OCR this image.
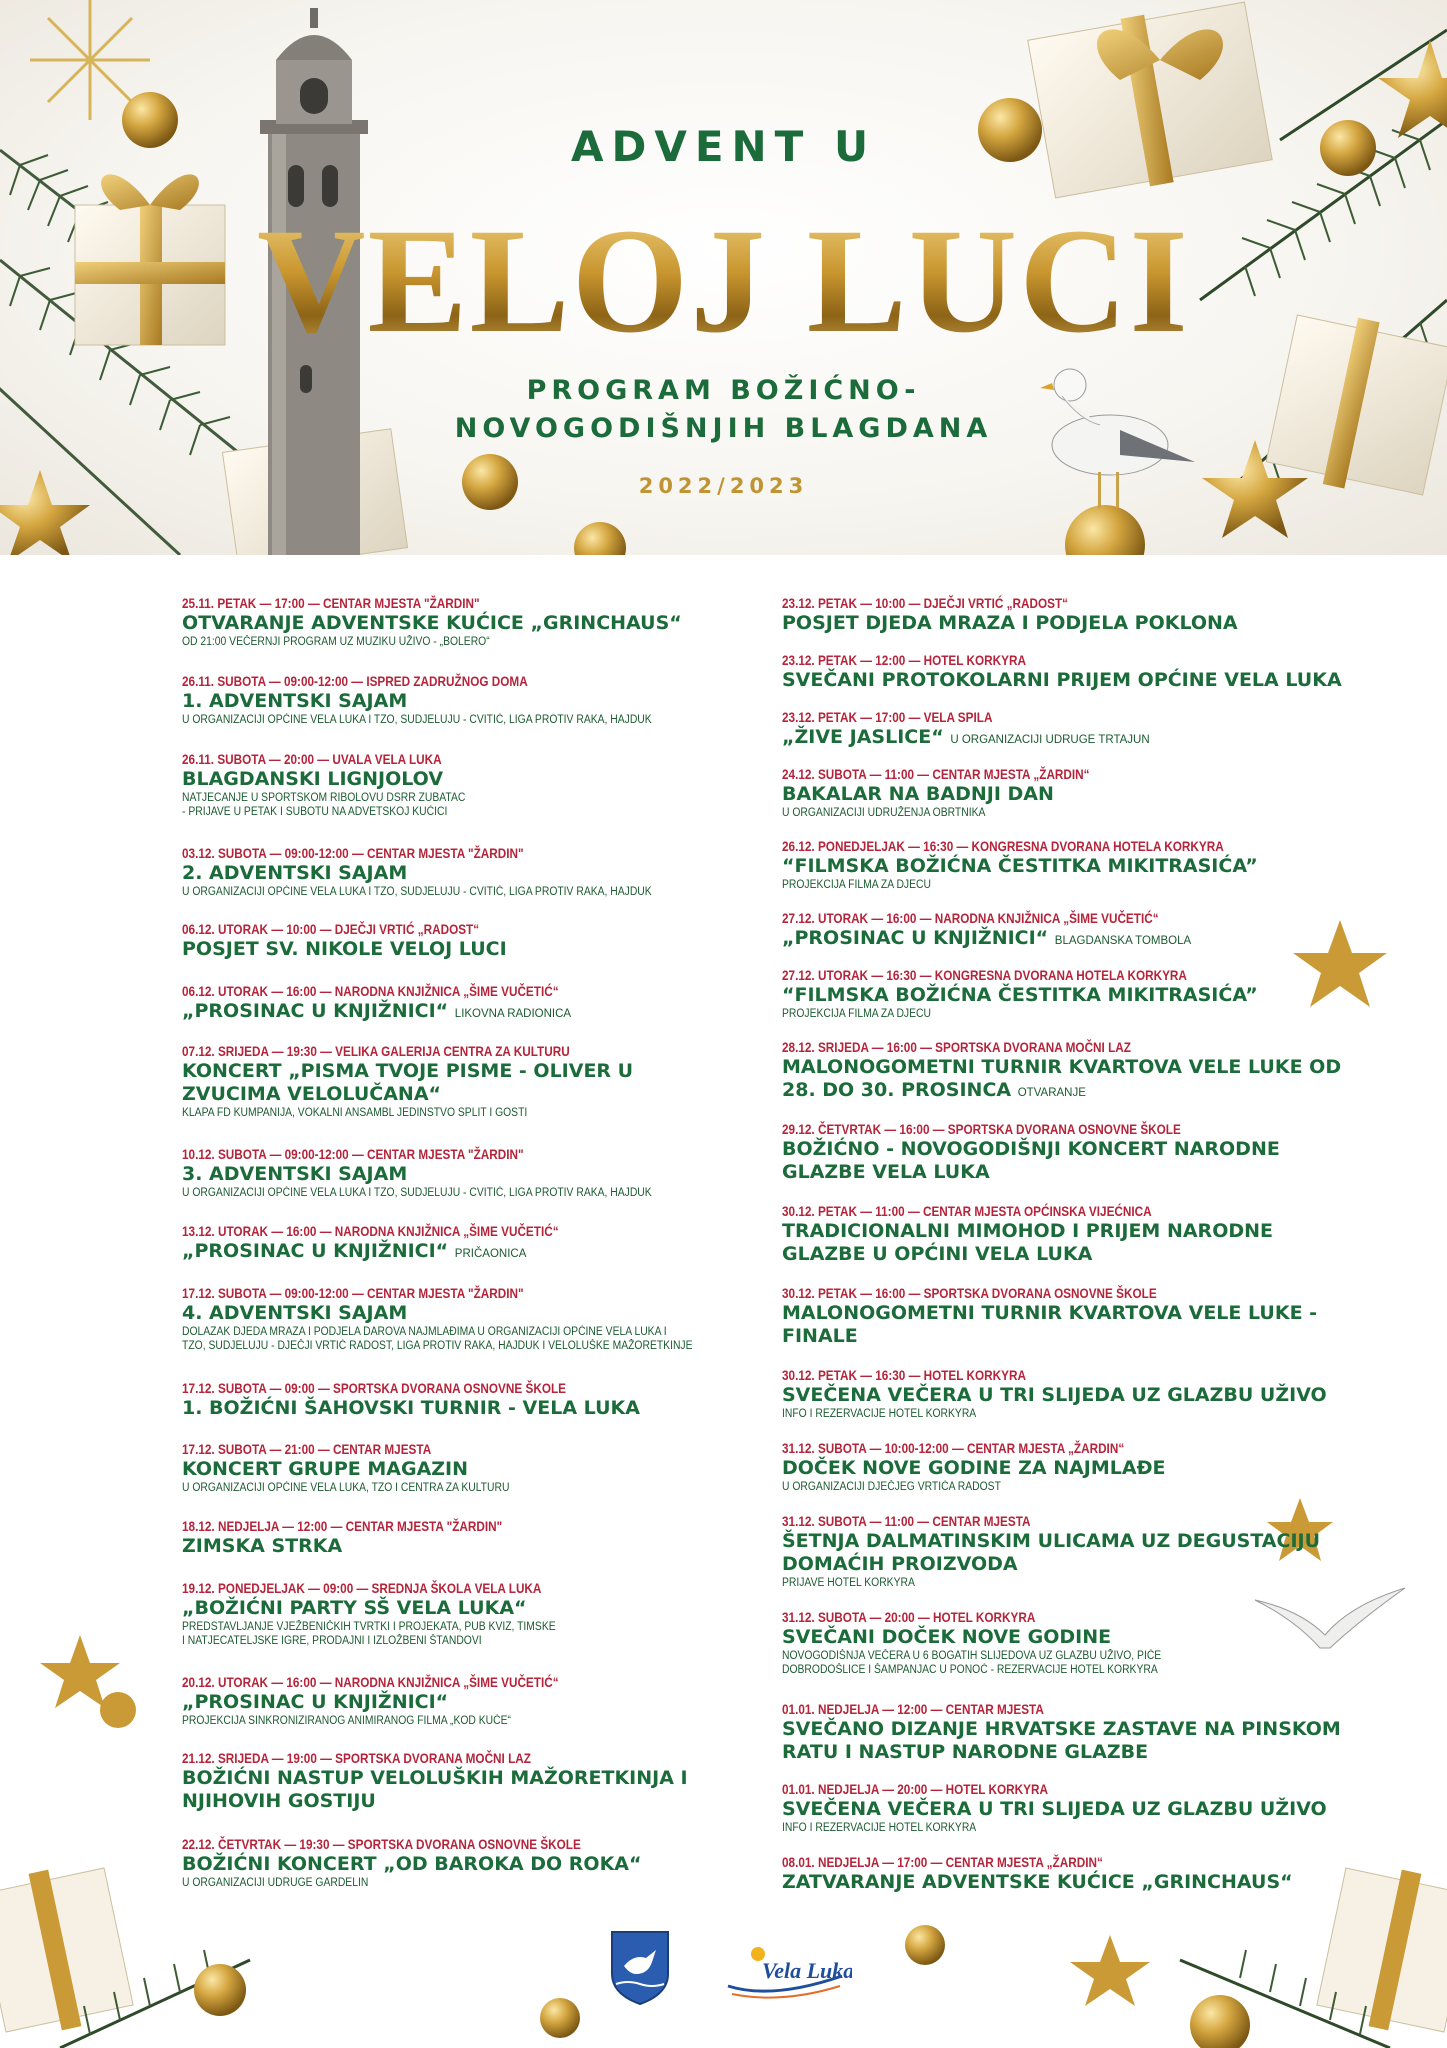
ADVENT U
VELOJ LUCI
PROGRAM BOŽIĆNO-
NOVOGODIŠNJIH BLAGDANA
2022/2023
25.11. PETAK — 17:00 — CENTAR MJESTA "ŽARDIN"
OTVARANJE ADVENTSKE KUĆICE „GRINCHAUS“
OD 21:00 VEČERNJI PROGRAM UZ MUZIKU UŽIVO - „BOLERO“
26.11. SUBOTA — 09:00-12:00 — ISPRED ZADRUŽNOG DOMA
1. ADVENTSKI SAJAM
U ORGANIZACIJI OPĆINE VELA LUKA I TZO, SUDJELUJU - CVITIĆ, LIGA PROTIV RAKA, HAJDUK
26.11. SUBOTA — 20:00 — UVALA VELA LUKA
BLAGDANSKI LIGNJOLOV
NATJECANJE U SPORTSKOM RIBOLOVU DSRR ZUBATAC
- PRIJAVE U PETAK I SUBOTU NA ADVETSKOJ KUĆICI
03.12. SUBOTA — 09:00-12:00 — CENTAR MJESTA "ŽARDIN"
2. ADVENTSKI SAJAM
U ORGANIZACIJI OPĆINE VELA LUKA I TZO, SUDJELUJU - CVITIĆ, LIGA PROTIV RAKA, HAJDUK
06.12. UTORAK — 10:00 — DJEČJI VRTIĆ „RADOST“
POSJET SV. NIKOLE VELOJ LUCI
06.12. UTORAK — 16:00 — NARODNA KNJIŽNICA „ŠIME VUČETIĆ“
„PROSINAC U KNJIŽNICI“ LIKOVNA RADIONICA
07.12. SRIJEDA — 19:30 — VELIKA GALERIJA CENTRA ZA KULTURU
KONCERT „PISMA TVOJE PISME - OLIVER U ZVUCIMA VELOLUČANA“
KLAPA FD KUMPANIJA, VOKALNI ANSAMBL JEDINSTVO SPLIT I GOSTI
10.12. SUBOTA — 09:00-12:00 — CENTAR MJESTA "ŽARDIN"
3. ADVENTSKI SAJAM
U ORGANIZACIJI OPĆINE VELA LUKA I TZO, SUDJELUJU - CVITIĆ, LIGA PROTIV RAKA, HAJDUK
13.12. UTORAK — 16:00 — NARODNA KNJIŽNICA „ŠIME VUČETIĆ“
„PROSINAC U KNJIŽNICI“ PRIČAONICA
17.12. SUBOTA — 09:00-12:00 — CENTAR MJESTA "ŽARDIN"
4. ADVENTSKI SAJAM
DOLAZAK DJEDA MRAZA I PODJELA DAROVA NAJMLAĐIMA U ORGANIZACIJI OPĆINE VELA LUKA I
TZO, SUDJELUJU - DJEČJI VRTIĆ RADOST, LIGA PROTIV RAKA, HAJDUK I VELOLUŠKE MAŽORETKINJE
17.12. SUBOTA — 09:00 — SPORTSKA DVORANA OSNOVNE ŠKOLE
1. BOŽIĆNI ŠAHOVSKI TURNIR - VELA LUKA
17.12. SUBOTA — 21:00 — CENTAR MJESTA
KONCERT GRUPE MAGAZIN
U ORGANIZACIJI OPĆINE VELA LUKA, TZO I CENTRA ZA KULTURU
18.12. NEDJELJA — 12:00 — CENTAR MJESTA "ŽARDIN"
ZIMSKA STRKA
19.12. PONEDJELJAK — 09:00 — SREDNJA ŠKOLA VELA LUKA
„BOŽIĆNI PARTY SŠ VELA LUKA“
PREDSTAVLJANJE VJEŽBENIČKIH TVRTKI I PROJEKATA, PUB KVIZ, TIMSKE
I NATJECATELJSKE IGRE, PRODAJNI I IZLOŽBENI ŠTANDOVI
20.12. UTORAK — 16:00 — NARODNA KNJIŽNICA „ŠIME VUČETIĆ“
„PROSINAC U KNJIŽNICI“
PROJEKCIJA SINKRONIZIRANOG ANIMIRANOG FILMA „KOD KUĆE“
21.12. SRIJEDA — 19:00 — SPORTSKA DVORANA MOČNI LAZ
BOŽIĆNI NASTUP VELOLUŠKIH MAŽORETKINJA I NJIHOVIH GOSTIJU
22.12. ČETVRTAK — 19:30 — SPORTSKA DVORANA OSNOVNE ŠKOLE
BOŽIĆNI KONCERT „OD BAROKA DO ROKA“
U ORGANIZACIJI UDRUGE GARDELIN
23.12. PETAK — 10:00 — DJEČJI VRTIĆ „RADOST“
POSJET DJEDA MRAZA I PODJELA POKLONA
23.12. PETAK — 12:00 — HOTEL KORKYRA
SVEČANI PROTOKOLARNI PRIJEM OPĆINE VELA LUKA
23.12. PETAK — 17:00 — VELA SPILA
„ŽIVE JASLICE“ U ORGANIZACIJI UDRUGE TRTAJUN
24.12. SUBOTA — 11:00 — CENTAR MJESTA „ŽARDIN“
BAKALAR NA BADNJI DAN
U ORGANIZACIJI UDRUŽENJA OBRTNIKA
26.12. PONEDJELJAK — 16:30 — KONGRESNA DVORANA HOTELA KORKYRA
“FILMSKA BOŽIĆNA ČESTITKA MIKITRASIĆA”
PROJEKCIJA FILMA ZA DJECU
27.12. UTORAK — 16:00 — NARODNA KNJIŽNICA „ŠIME VUČETIĆ“
„PROSINAC U KNJIŽNICI“ BLAGDANSKA TOMBOLA
27.12. UTORAK — 16:30 — KONGRESNA DVORANA HOTELA KORKYRA
“FILMSKA BOŽIĆNA ČESTITKA MIKITRASIĆA”
PROJEKCIJA FILMA ZA DJECU
28.12. SRIJEDA — 16:00 — SPORTSKA DVORANA MOČNI LAZ
MALONOGOMETNI TURNIR KVARTOVA VELE LUKE OD 28. DO 30. PROSINCA OTVARANJE
29.12. ČETVRTAK — 16:00 — SPORTSKA DVORANA OSNOVNE ŠKOLE
BOŽIĆNO - NOVOGODIŠNJI KONCERT NARODNE GLAZBE VELA LUKA
30.12. PETAK — 11:00 — CENTAR MJESTA OPĆINSKA VIJEĆNICA
TRADICIONALNI MIMOHOD I PRIJEM NARODNE GLAZBE U OPĆINI VELA LUKA
30.12. PETAK — 16:00 — SPORTSKA DVORANA OSNOVNE ŠKOLE
MALONOGOMETNI TURNIR KVARTOVA VELE LUKE - FINALE
30.12. PETAK — 16:30 — HOTEL KORKYRA
SVEČENA VEČERA U TRI SLIJEDA UZ GLAZBU UŽIVO
INFO I REZERVACIJE HOTEL KORKYRA
31.12. SUBOTA — 10:00-12:00 — CENTAR MJESTA „ŽARDIN“
DOČEK NOVE GODINE ZA NAJMLAĐE
U ORGANIZACIJI DJEČJEG VRTIĆA RADOST
31.12. SUBOTA — 11:00 — CENTAR MJESTA
ŠETNJA DALMATINSKIM ULICAMA UZ DEGUSTACIJU DOMAĆIH PROIZVODA
PRIJAVE HOTEL KORKYRA
31.12. SUBOTA — 20:00 — HOTEL KORKYRA
SVEČANI DOČEK NOVE GODINE
NOVOGODIŠNJA VEČERA U 6 BOGATIH SLIJEDOVA UZ GLAZBU UŽIVO, PIĆE
DOBRODOŠLICE I ŠAMPANJAC U PONOĆ - REZERVACIJE HOTEL KORKYRA
01.01. NEDJELJA — 12:00 — CENTAR MJESTA
SVEČANO DIZANJE HRVATSKE ZASTAVE NA PINSKOM RATU I NASTUP NARODNE GLAZBE
01.01. NEDJELJA — 20:00 — HOTEL KORKYRA
SVEČENA VEČERA U TRI SLIJEDA UZ GLAZBU UŽIVO
INFO I REZERVACIJE HOTEL KORKYRA
08.01. NEDJELJA — 17:00 — CENTAR MJESTA „ŽARDIN“
ZATVARANJE ADVENTSKE KUĆICE „GRINCHAUS“
Vela Luka
